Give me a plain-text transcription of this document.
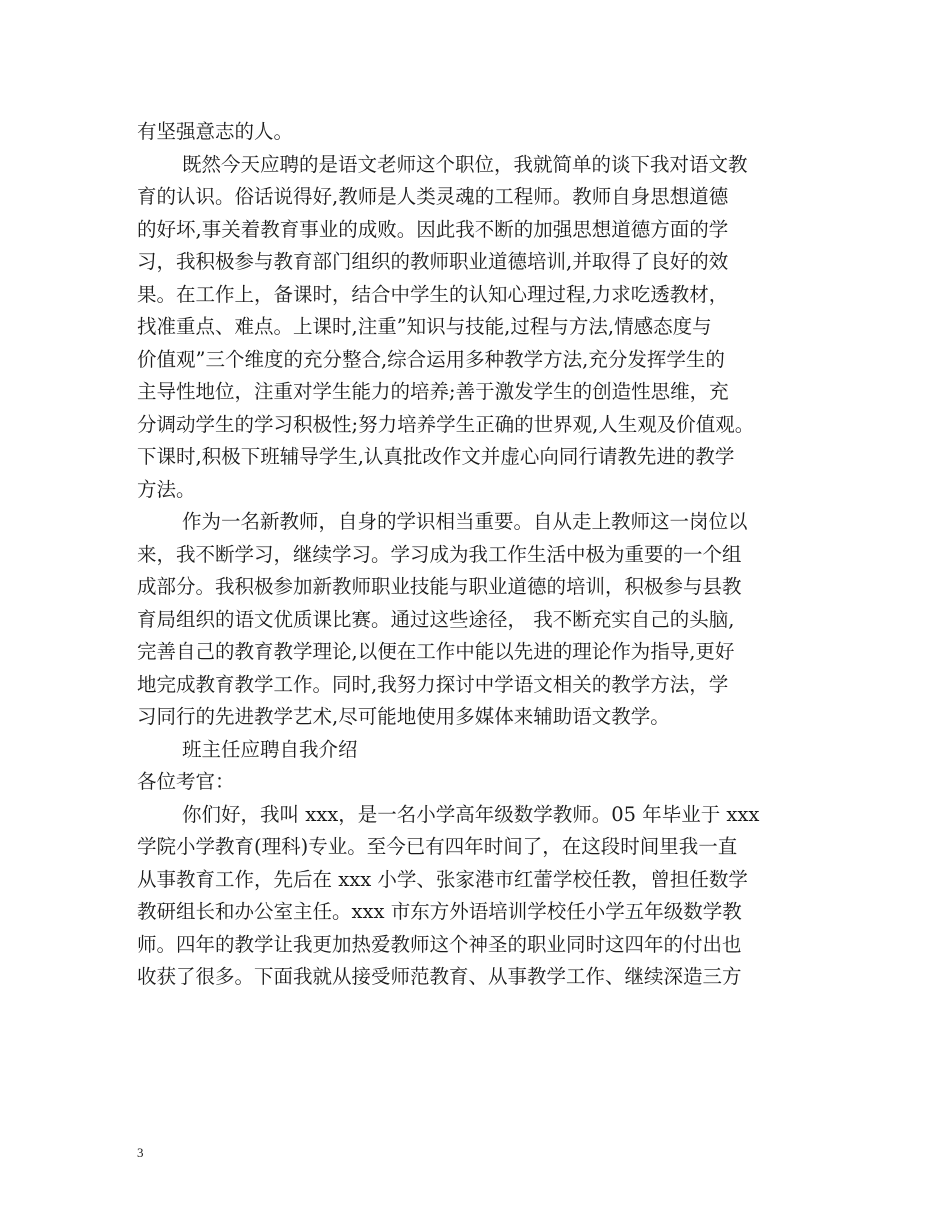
有坚强意志的人。
既然今天应聘的是语文老师这个职位，我就简单的谈下我对语文教
育的认识。俗话说得好,教师是人类灵魂的工程师。教师自身思想道德
的好坏,事关着教育事业的成败。因此我不断的加强思想道德方面的学
习，我积极参与教育部门组织的教师职业道德培训,并取得了良好的效
果。在工作上，备课时，结合中学生的认知心理过程,力求吃透教材，
找准重点、难点。上课时,注重”知识与技能,过程与方法,情感态度与
价值观”三个维度的充分整合,综合运用多种教学方法,充分发挥学生的
主导性地位，注重对学生能力的培养;善于激发学生的创造性思维，充
分调动学生的学习积极性;努力培养学生正确的世界观,人生观及价值观。
下课时,积极下班辅导学生,认真批改作文并虚心向同行请教先进的教学
方法。
作为一名新教师，自身的学识相当重要。自从走上教师这一岗位以
来，我不断学习，继续学习。学习成为我工作生活中极为重要的一个组
成部分。我积极参加新教师职业技能与职业道德的培训，积极参与县教
育局组织的语文优质课比赛。通过这些途径， 我不断充实自己的头脑,
完善自己的教育教学理论,以便在工作中能以先进的理论作为指导,更好
地完成教育教学工作。同时,我努力探讨中学语文相关的教学方法，学
习同行的先进教学艺术,尽可能地使用多媒体来辅助语文教学。
班主任应聘自我介绍
各位考官：
你们好，我叫 xxx，是一名小学高年级数学教师。05 年毕业于 xxx
学院小学教育(理科)专业。至今已有四年时间了，在这段时间里我一直
从事教育工作，先后在 xxx 小学、张家港市红蕾学校任教，曾担任数学
教研组长和办公室主任。xxx 市东方外语培训学校任小学五年级数学教
师。四年的教学让我更加热爱教师这个神圣的职业同时这四年的付出也
收获了很多。下面我就从接受师范教育、从事教学工作、继续深造三方
3
